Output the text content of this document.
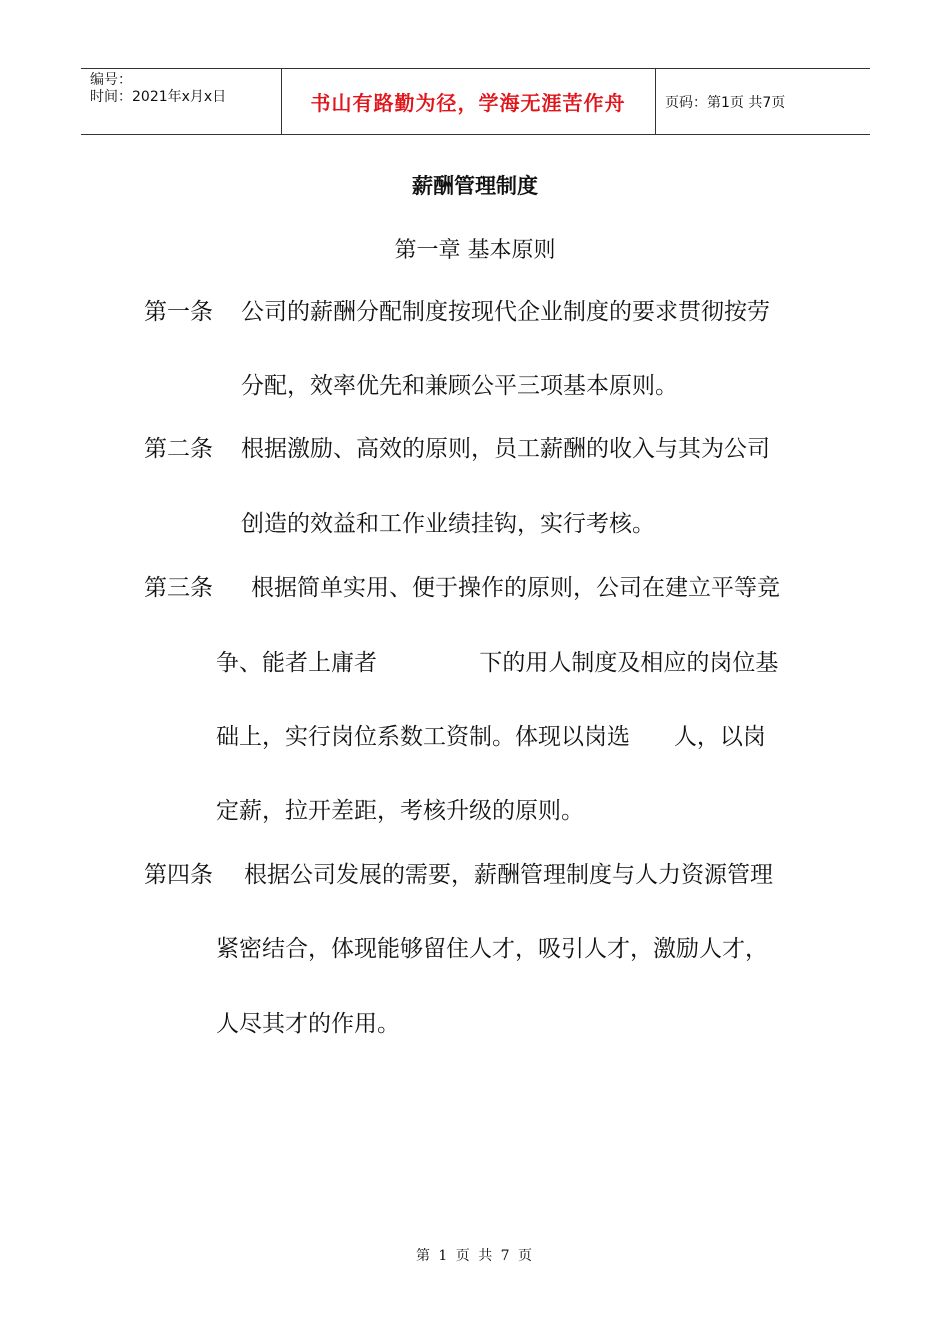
编号：
时间：2021年x月x日	书山有路勤为径，学海无涯苦作舟	页码：第1页 共7页
薪酬管理制度
第一章 基本原则
第一条 公司的薪酬分配制度按现代企业制度的要求贯彻按劳
分配，效率优先和兼顾公平三项基本原则。
第二条 根据激励、高效的原则，员工薪酬的收入与其为公司
创造的效益和工作业绩挂钩，实行考核。
第三条 根据简单实用、便于操作的原则，公司在建立平等竞
争、能者上庸者              下的用人制度及相应的岗位基
础上，实行岗位系数工资制。体现以岗选      人，以岗
定薪，拉开差距，考核升级的原则。
第四条 根据公司发展的需要，薪酬管理制度与人力资源管理
紧密结合，体现能够留住人才，吸引人才，激励人才，
人尽其才的作用。
第 1 页 共 7 页
